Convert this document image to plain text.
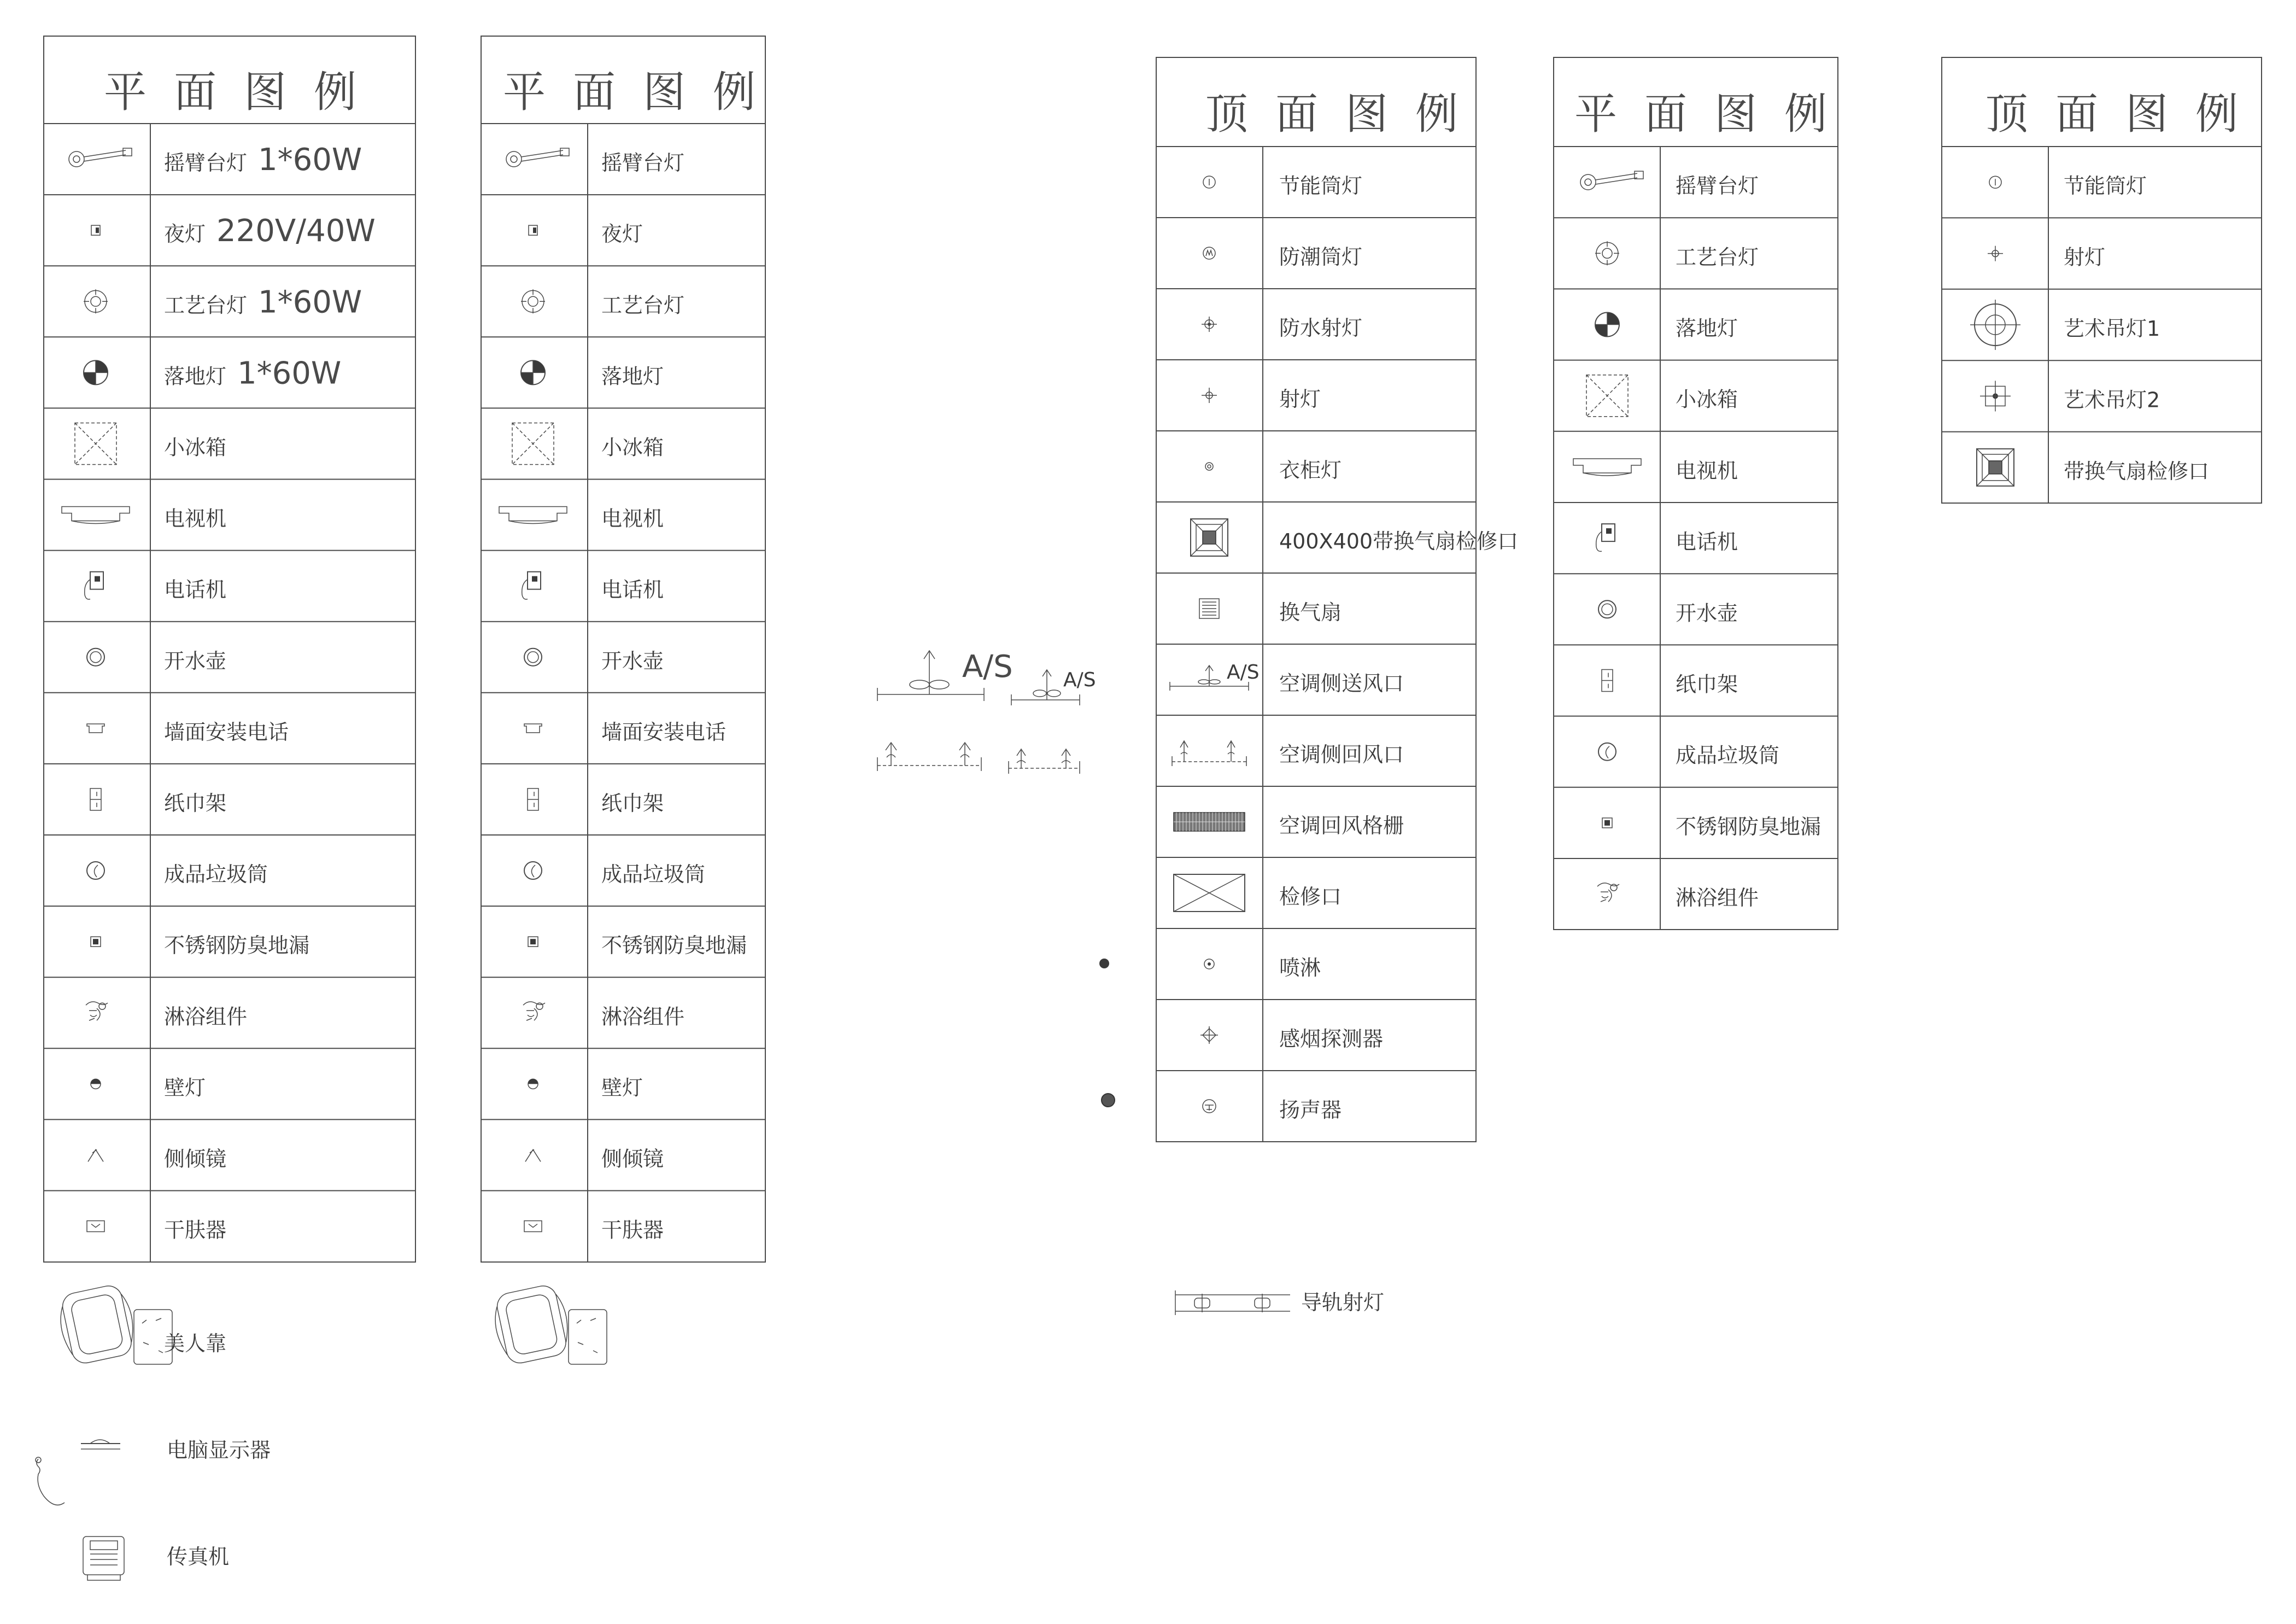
平面图例
摇臂台灯 1*60W
夜灯 220V/40W
工艺台灯 1*60W
落地灯 1*60W
小冰箱
电视机
电话机
开水壶
墙面安装电话
纸巾架
成品垃圾筒
不锈钢防臭地漏
淋浴组件
壁灯
侧倾镜
干肤器
平面图例
摇臂台灯
夜灯
工艺台灯
落地灯
小冰箱
电视机
电话机
开水壶
墙面安装电话
纸巾架
成品垃圾筒
不锈钢防臭地漏
淋浴组件
壁灯
侧倾镜
干肤器
顶面图例
节能筒灯
防潮筒灯
防水射灯
射灯
衣柜灯
400X400带换气扇检修口
换气扇
空调侧送风口
空调侧回风口
空调回风格栅
检修口
喷淋
感烟探测器
扬声器
A/S
平面图例
摇臂台灯
工艺台灯
落地灯
小冰箱
电视机
电话机
开水壶
纸巾架
成品垃圾筒
不锈钢防臭地漏
淋浴组件
顶面图例
节能筒灯
射灯
艺术吊灯1
艺术吊灯2
带换气扇检修口
A/S	A/S
导轨射灯
美人靠
电脑显示器
传真机
